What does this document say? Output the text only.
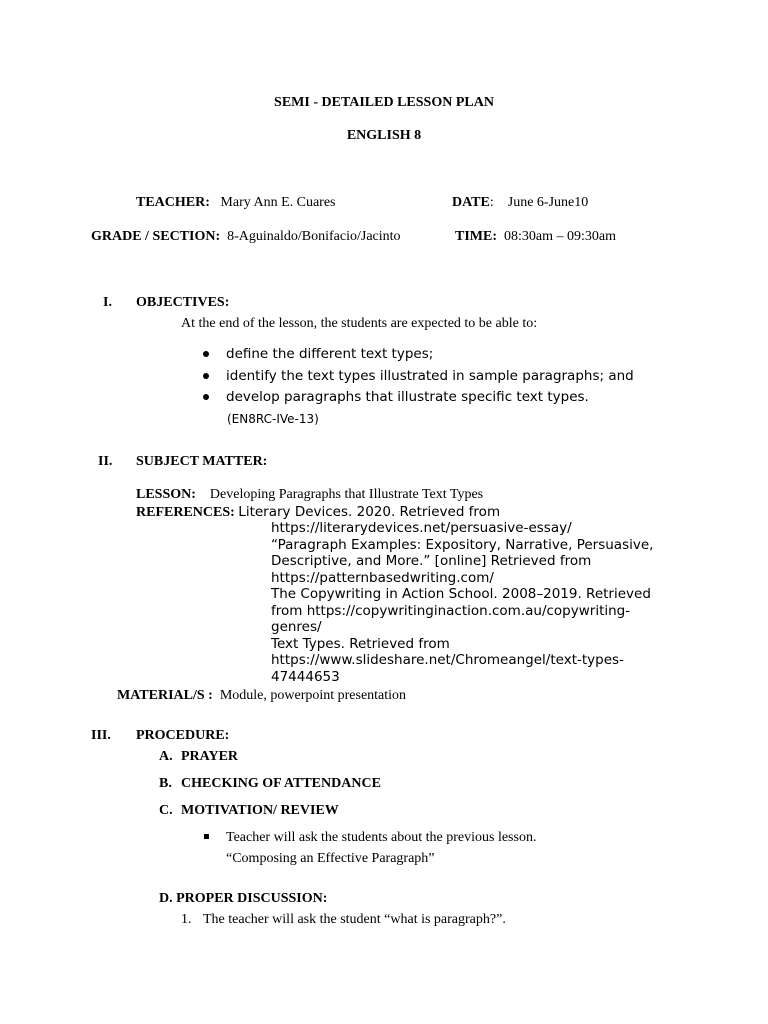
SEMI - DETAILED LESSON PLAN
ENGLISH 8
TEACHER: Mary Ann E. Cuares	DATE: June 6-June10
GRADE / SECTION: 8-Aguinaldo/Bonifacio/Jacinto	TIME: 08:30am – 09:30am
I. OBJECTIVES:
At the end of the lesson, the students are expected to be able to:
define the different text types;
identify the text types illustrated in sample paragraphs; and
develop paragraphs that illustrate specific text types.
(EN8RC-IVe-13)
II. SUBJECT MATTER:
LESSON: Developing Paragraphs that Illustrate Text Types
REFERENCES: Literary Devices. 2020. Retrieved from
https://literarydevices.net/persuasive-essay/
“Paragraph Examples: Expository, Narrative, Persuasive,
Descriptive, and More.” [online] Retrieved from
https://patternbasedwriting.com/
The Copywriting in Action School. 2008–2019. Retrieved
from https://copywritinginaction.com.au/copywriting-
genres/
Text Types. Retrieved from
https://www.slideshare.net/Chromeangel/text-types-
47444653
MATERIAL/S : Module, powerpoint presentation
III. PROCEDURE:
A. PRAYER
B. CHECKING OF ATTENDANCE
C. MOTIVATION/ REVIEW
Teacher will ask the students about the previous lesson.
“Composing an Effective Paragraph”
D. PROPER DISCUSSION:
1. The teacher will ask the student “what is paragraph?”.
